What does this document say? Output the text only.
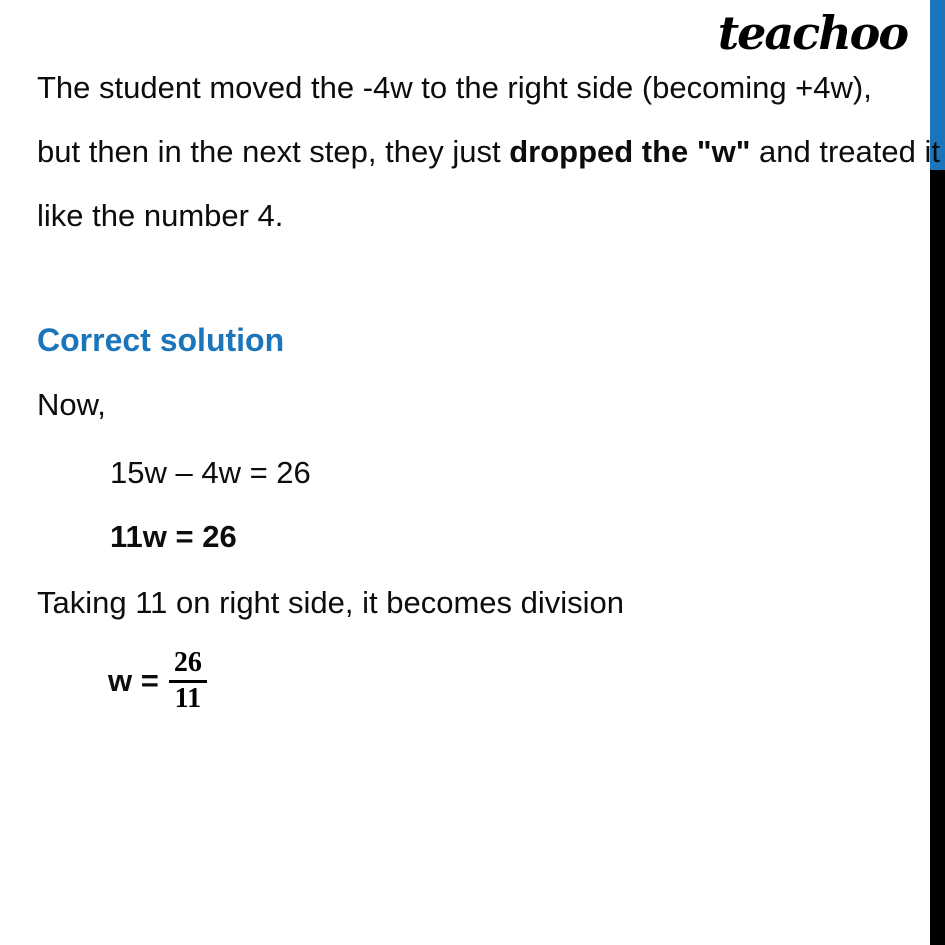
teachoo
The student moved the -4w to the right side (becoming +4w),
but then in the next step, they just dropped the "w" and treated it
like the number 4.
Correct solution
Now,
15w – 4w = 26
11w = 26
Taking 11 on right side, it becomes division
$w = \frac{26}{11}$
